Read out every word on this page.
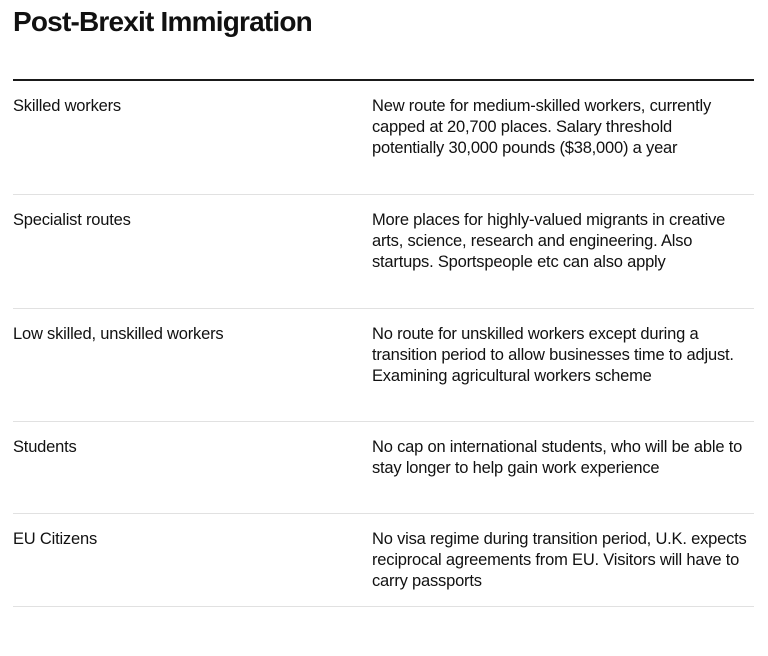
Post-Brexit Immigration
Skilled workers	New route for medium-skilled workers, currently capped at 20,700 places. Salary threshold potentially 30,000 pounds ($38,000) a year
Specialist routes	More places for highly-valued migrants in creative arts, science, research and engineering. Also startups. Sportspeople etc can also apply
Low skilled, unskilled workers	No route for unskilled workers except during a transition period to allow businesses time to adjust. Examining agricultural workers scheme
Students	No cap on international students, who will be able to stay longer to help gain work experience
EU Citizens	No visa regime during transition period, U.K. expects reciprocal agreements from EU. Visitors will have to carry passports
